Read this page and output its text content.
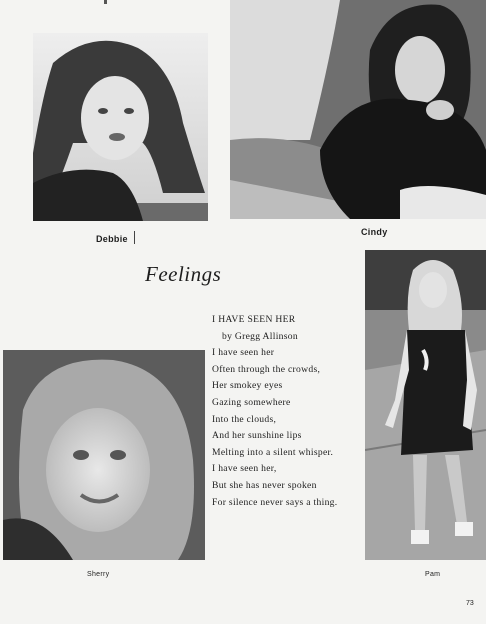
Debbie
Cindy
Feelings
I HAVE SEEN HER
by Gregg Allinson
I have seen her
Often through the crowds,
Her smokey eyes
Gazing somewhere
Into the clouds,
And her sunshine lips
Melting into a silent whisper.
I have seen her,
But she has never spoken
For silence never says a thing.
Sherry	Pam
73
